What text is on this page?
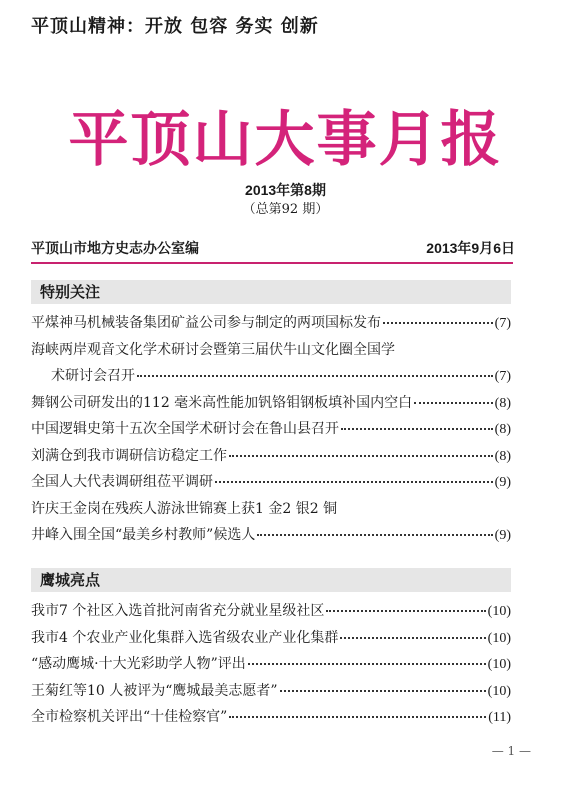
平顶山精神：开放 包容 务实 创新
平顶山大事月报
2013年第8期
（总第92 期）
平顶山市地方史志办公室编	2013年9月6日
特别关注
平煤神马机械装备集团矿益公司参与制定的两项国标发布	(7)
海峡两岸观音文化学术研讨会暨第三届伏牛山文化圈全国学
术研讨会召开	(7)
舞钢公司研发出的112 毫米高性能加钒铬钼钢板填补国内空白	(8)
中国逻辑史第十五次全国学术研讨会在鲁山县召开	(8)
刘满仓到我市调研信访稳定工作	(8)
全国人大代表调研组莅平调研	(9)
许庆王金岗在残疾人游泳世锦赛上获1 金2 银2 铜
井峰入围全国“最美乡村教师”候选人	(9)
鹰城亮点
我市7 个社区入选首批河南省充分就业星级社区	(10)
我市4 个农业产业化集群入选省级农业产业化集群	(10)
“感动鹰城·十大光彩助学人物”评出	(10)
王菊红等10 人被评为“鹰城最美志愿者”	(10)
全市检察机关评出“十佳检察官”	(11)
— 1 —
